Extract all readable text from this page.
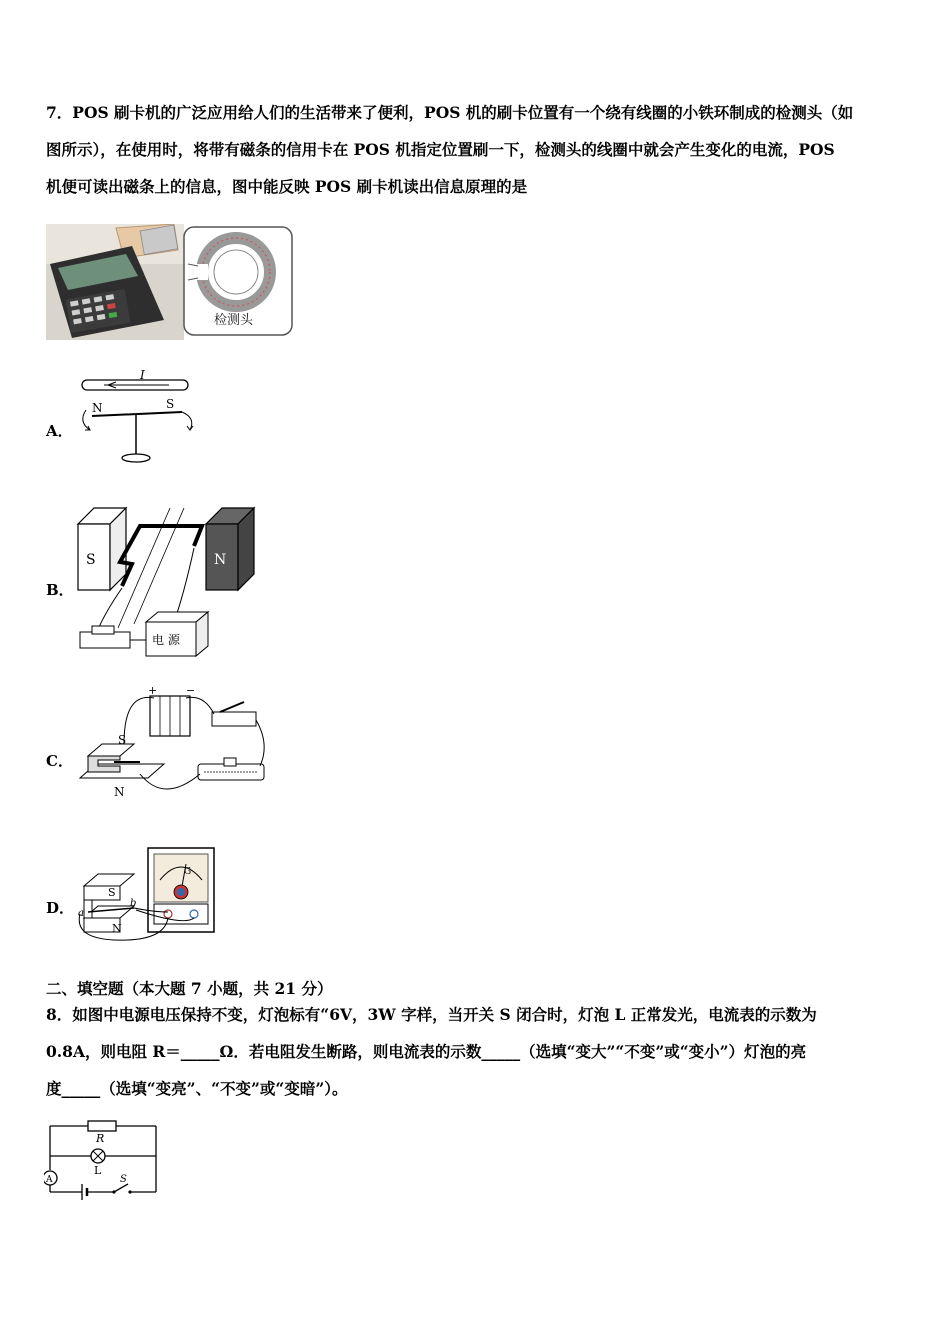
7．POS 刷卡机的广泛应用给人们的生活带来了便利，POS 机的刷卡位置有一个绕有线圈的小铁环制成的检测头（如
图所示），在使用时，将带有磁条的信用卡在 POS 机指定位置刷一下，检测头的线圈中就会产生变化的电流，POS
机便可读出磁条上的信息，图中能反映 POS 刷卡机读出信息原理的是
检测头
A．
I
N	S
B．
S	N
电 源
C．
+	−
S
N
D．
S
N
a
b
G
二、填空题（本大题 7 小题，共 21 分）
8．如图中电源电压保持不变，灯泡标有“6V，3W 字样，当开关 S 闭合时，灯泡 L 正常发光，电流表的示数为
0.8A，则电阻 R＝_____Ω．若电阻发生断路，则电流表的示数_____（选填“变大”“不变”或“变小”）灯泡的亮
度_____（选填“变亮”、“不变”或“变暗”）。
R
A
L
S
